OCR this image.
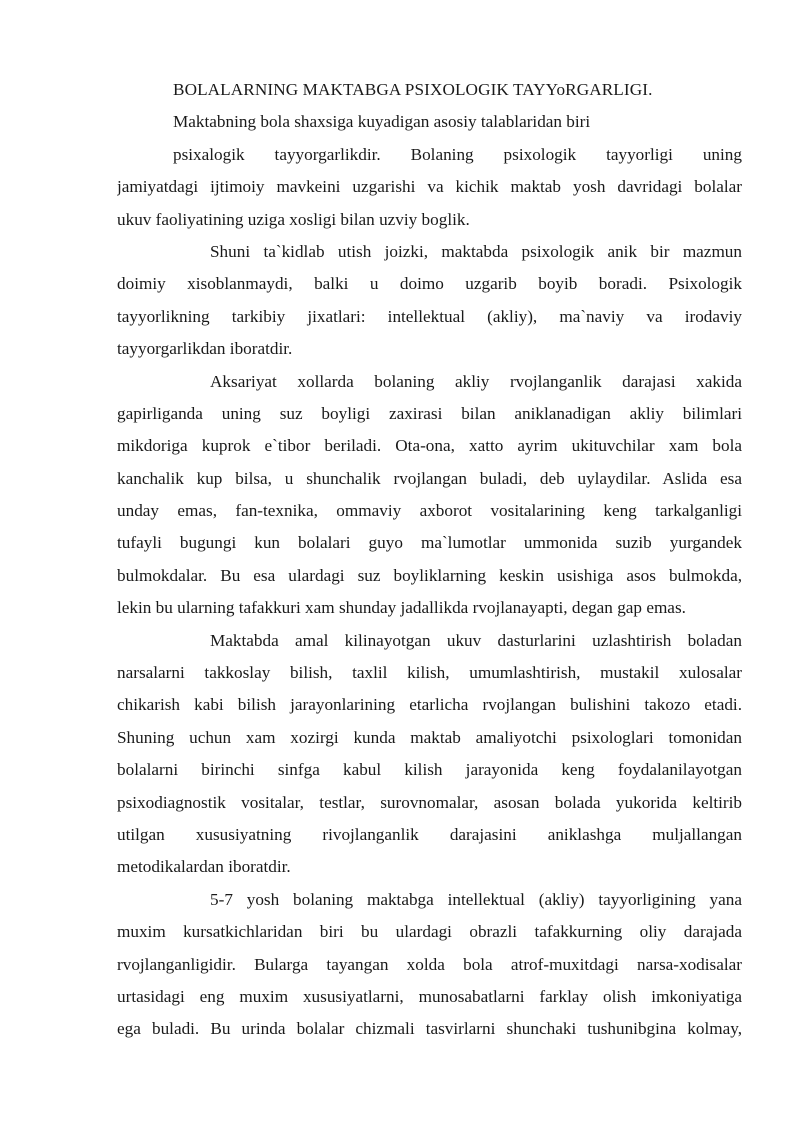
BOLALARNING MAKTABGA PSIXOLOGIK TAYYoRGARLIGI.
Maktabning bola shaxsiga kuyadigan asosiy talablaridan biri
psixalogik tayyorgarlikdir. Bolaning psixologik tayyorligi uning
jamiyatdagi ijtimoiy mavkeini uzgarishi va kichik maktab yosh davridagi bolalar
ukuv faoliyatining uziga xosligi bilan uzviy boglik.
Shuni ta`kidlab utish joizki, maktabda psixologik anik bir mazmun
doimiy xisoblanmaydi, balki u doimo uzgarib boyib boradi. Psixologik
tayyorlikning tarkibiy jixatlari: intellektual (akliy), ma`naviy va irodaviy
tayyorgarlikdan iboratdir.
Aksariyat xollarda bolaning akliy rvojlanganlik darajasi xakida
gapirliganda uning suz boyligi zaxirasi bilan aniklanadigan akliy bilimlari
mikdoriga kuprok e`tibor beriladi. Ota-ona, xatto ayrim ukituvchilar xam bola
kanchalik kup bilsa, u shunchalik rvojlangan buladi, deb uylaydilar. Aslida esa
unday emas, fan-texnika, ommaviy axborot vositalarining keng tarkalganligi
tufayli bugungi kun bolalari guyo ma`lumotlar ummonida suzib yurgandek
bulmokdalar. Bu esa ulardagi suz boyliklarning keskin usishiga asos bulmokda,
lekin bu ularning tafakkuri xam shunday jadallikda rvojlanayapti, degan gap emas.
Maktabda amal kilinayotgan ukuv dasturlarini uzlashtirish boladan
narsalarni takkoslay bilish, taxlil kilish, umumlashtirish, mustakil xulosalar
chikarish kabi bilish jarayonlarining etarlicha rvojlangan bulishini takozo etadi.
Shuning uchun xam xozirgi kunda maktab amaliyotchi psixologlari tomonidan
bolalarni birinchi sinfga kabul kilish jarayonida keng foydalanilayotgan
psixodiagnostik vositalar, testlar, surovnomalar, asosan bolada yukorida keltirib
utilgan xususiyatning rivojlanganlik darajasini aniklashga muljallangan
metodikalardan iboratdir.
5-7 yosh bolaning maktabga intellektual (akliy) tayyorligining yana
muxim kursatkichlaridan biri bu ulardagi obrazli tafakkurning oliy darajada
rvojlanganligidir. Bularga tayangan xolda bola atrof-muxitdagi narsa-xodisalar
urtasidagi eng muxim xususiyatlarni, munosabatlarni farklay olish imkoniyatiga
ega buladi. Bu urinda bolalar chizmali tasvirlarni shunchaki tushunibgina kolmay,
